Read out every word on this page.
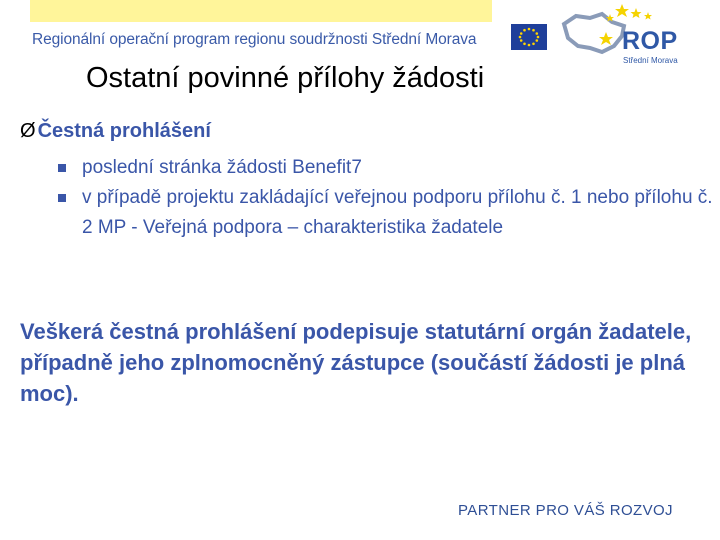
Regionální operační program regionu soudržnosti Střední Morava	ROP
Střední Morava
Ostatní povinné přílohy žádosti
Ø Čestná prohlášení
poslední stránka žádosti Benefit7
v případě projektu zakládající veřejnou podporu přílohu č. 1 nebo přílohu č. 2 MP - Veřejná podpora – charakteristika žadatele
Veškerá čestná prohlášení podepisuje statutární orgán žadatele, případně jeho zplnomocněný zástupce (součástí žádosti je plná moc).
PARTNER PRO VÁŠ ROZVOJ
